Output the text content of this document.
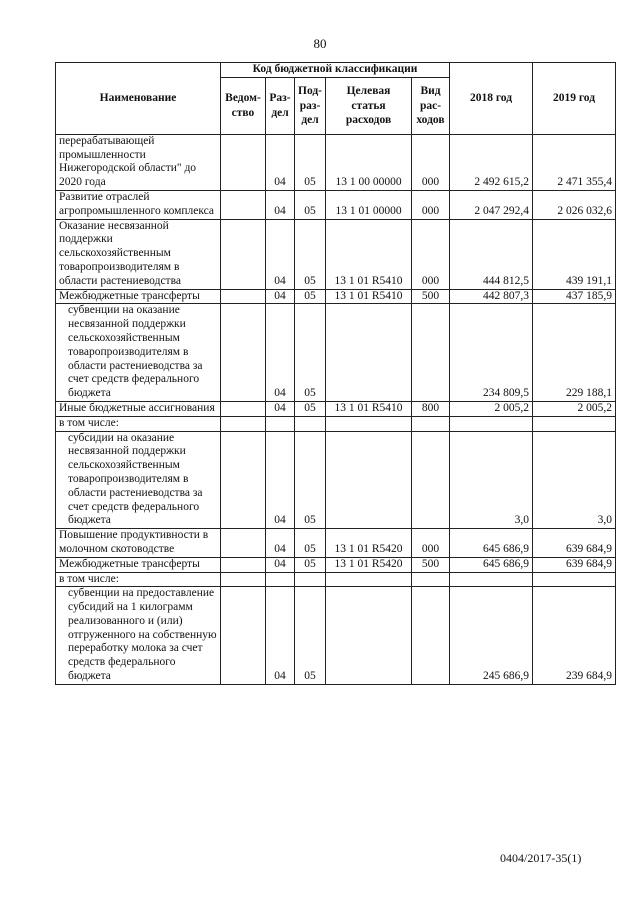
80
Наименование	Код бюджетной классификации					2018 год	2019 год
	Ведом-ство	Раз-дел	Под-раз-дел	Целевая статья расходов	Вид рас-ходов		
перерабатывающей промышленности Нижегородской области" до 2020 года		04	05	13 1 00 00000	000	2 492 615,2	2 471 355,4
Развитие отраслей агропромышленного комплекса		04	05	13 1 01 00000	000	2 047 292,4	2 026 032,6
Оказание несвязанной поддержки сельскохозяйственным товаропроизводителям в области растениеводства		04	05	13 1 01 R5410	000	444 812,5	439 191,1
Межбюджетные трансферты		04	05	13 1 01 R5410	500	442 807,3	437 185,9
субвенции на оказание несвязанной поддержки сельскохозяйственным товаропроизводителям в области растениеводства за счет средств федерального бюджета		04	05			234 809,5	229 188,1
Иные бюджетные ассигнования		04	05	13 1 01 R5410	800	2 005,2	2 005,2
в том числе:							
субсидии на оказание несвязанной поддержки сельскохозяйственным товаропроизводителям в области растениеводства за счет средств федерального бюджета		04	05			3,0	3,0
Повышение продуктивности в молочном скотоводстве		04	05	13 1 01 R5420	000	645 686,9	639 684,9
Межбюджетные трансферты		04	05	13 1 01 R5420	500	645 686,9	639 684,9
в том числе:							
субвенции на предоставление субсидий на 1 килограмм реализованного и (или) отгруженного на собственную переработку молока за счет средств федерального бюджета		04	05			245 686,9	239 684,9
0404/2017-35(1)
